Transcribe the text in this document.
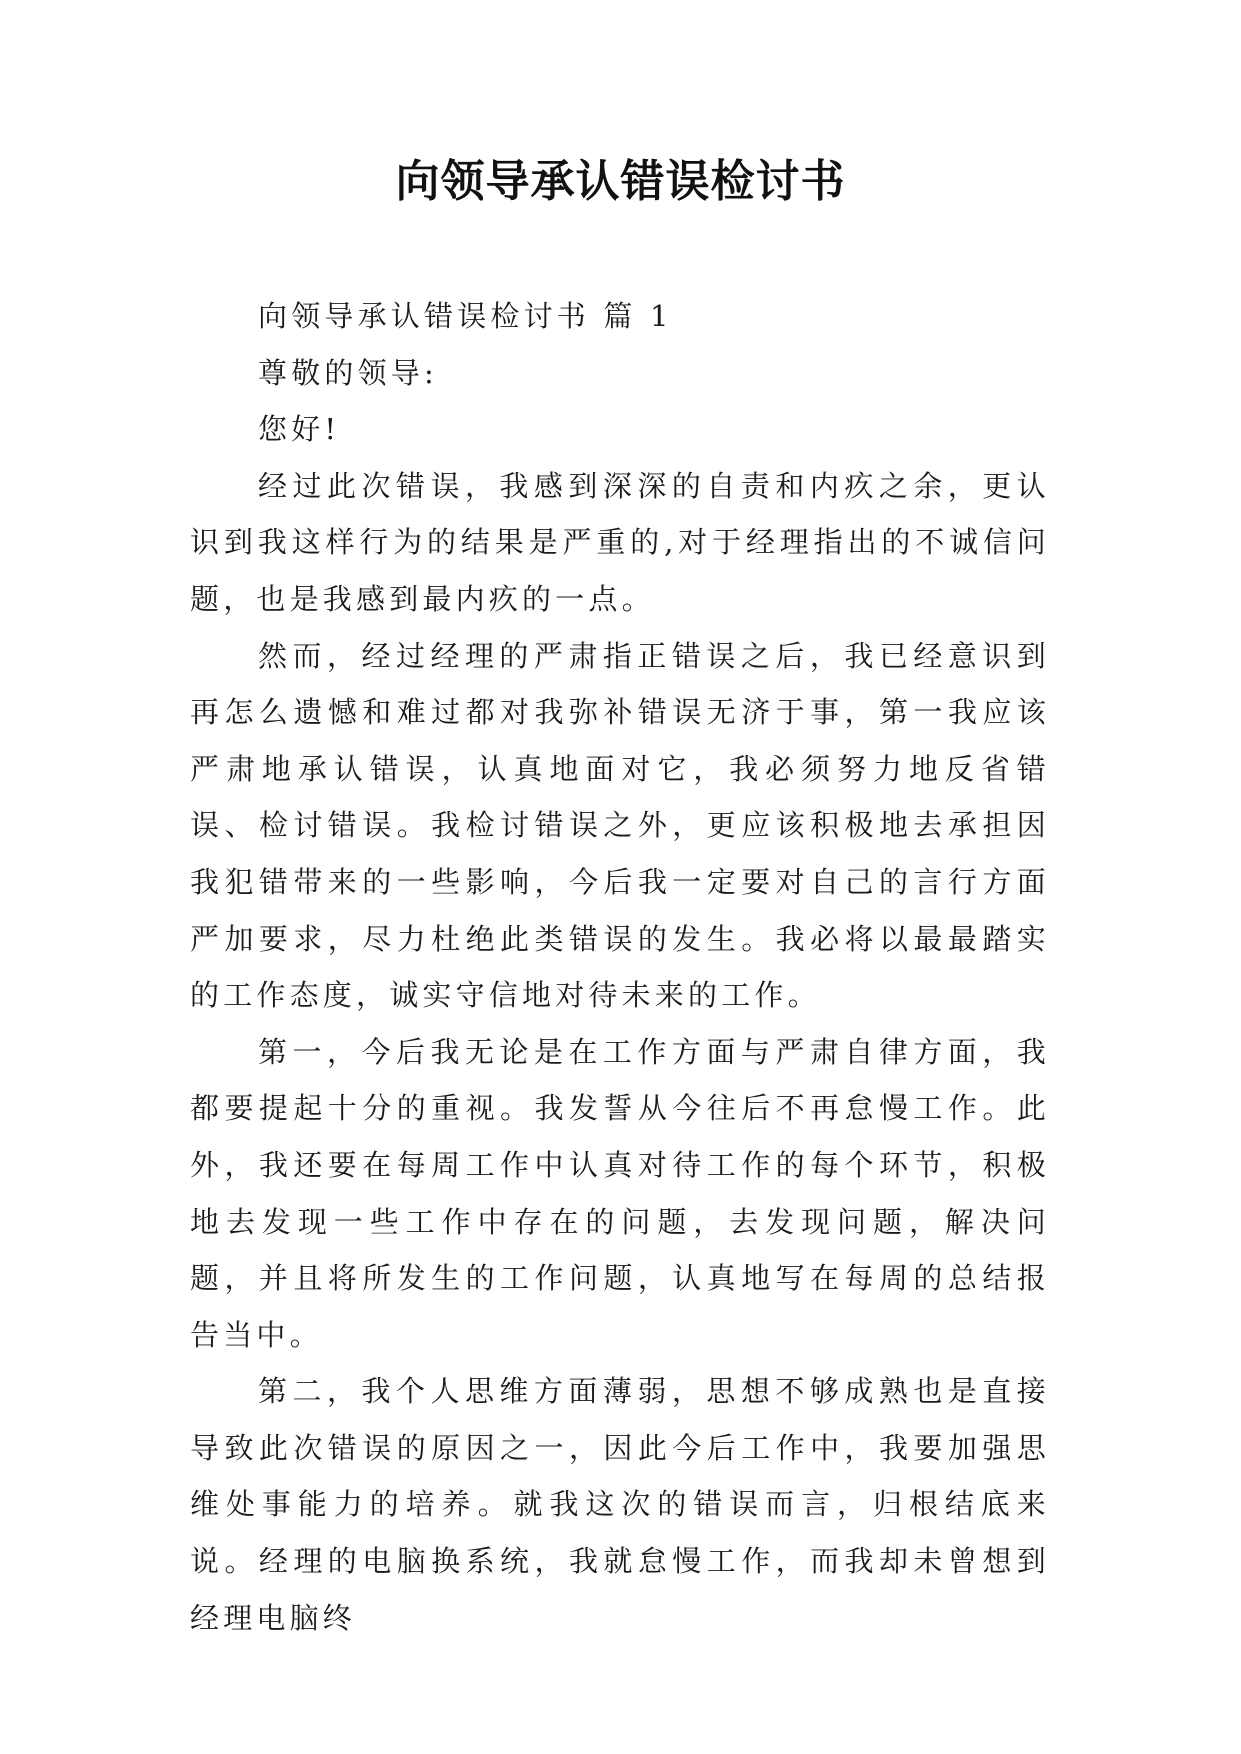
向领导承认错误检讨书

向领导承认错误检讨书 篇 1

尊敬的领导:

您好!

经过此次错误，我感到深深的自责和内疚之余，更认识到我这样行为的结果是严重的,对于经理指出的不诚信问题，也是我感到最内疚的一点。

然而，经过经理的严肃指正错误之后，我已经意识到再怎么遗憾和难过都对我弥补错误无济于事，第一我应该严肃地承认错误，认真地面对它，我必须努力地反省错误、检讨错误。我检讨错误之外，更应该积极地去承担因我犯错带来的一些影响，今后我一定要对自己的言行方面严加要求，尽力杜绝此类错误的发生。我必将以最最踏实的工作态度，诚实守信地对待未来的工作。

第一，今后我无论是在工作方面与严肃自律方面，我都要提起十分的重视。我发誓从今往后不再怠慢工作。此外，我还要在每周工作中认真对待工作的每个环节，积极地去发现一些工作中存在的问题，去发现问题，解决问题，并且将所发生的工作问题，认真地写在每周的总结报告当中。

第二，我个人思维方面薄弱，思想不够成熟也是直接导致此次错误的原因之一，因此今后工作中，我要加强思维处事能力的培养。就我这次的错误而言，归根结底来说。经理的电脑换系统，我就怠慢工作，而我却未曾想到经理电脑终
